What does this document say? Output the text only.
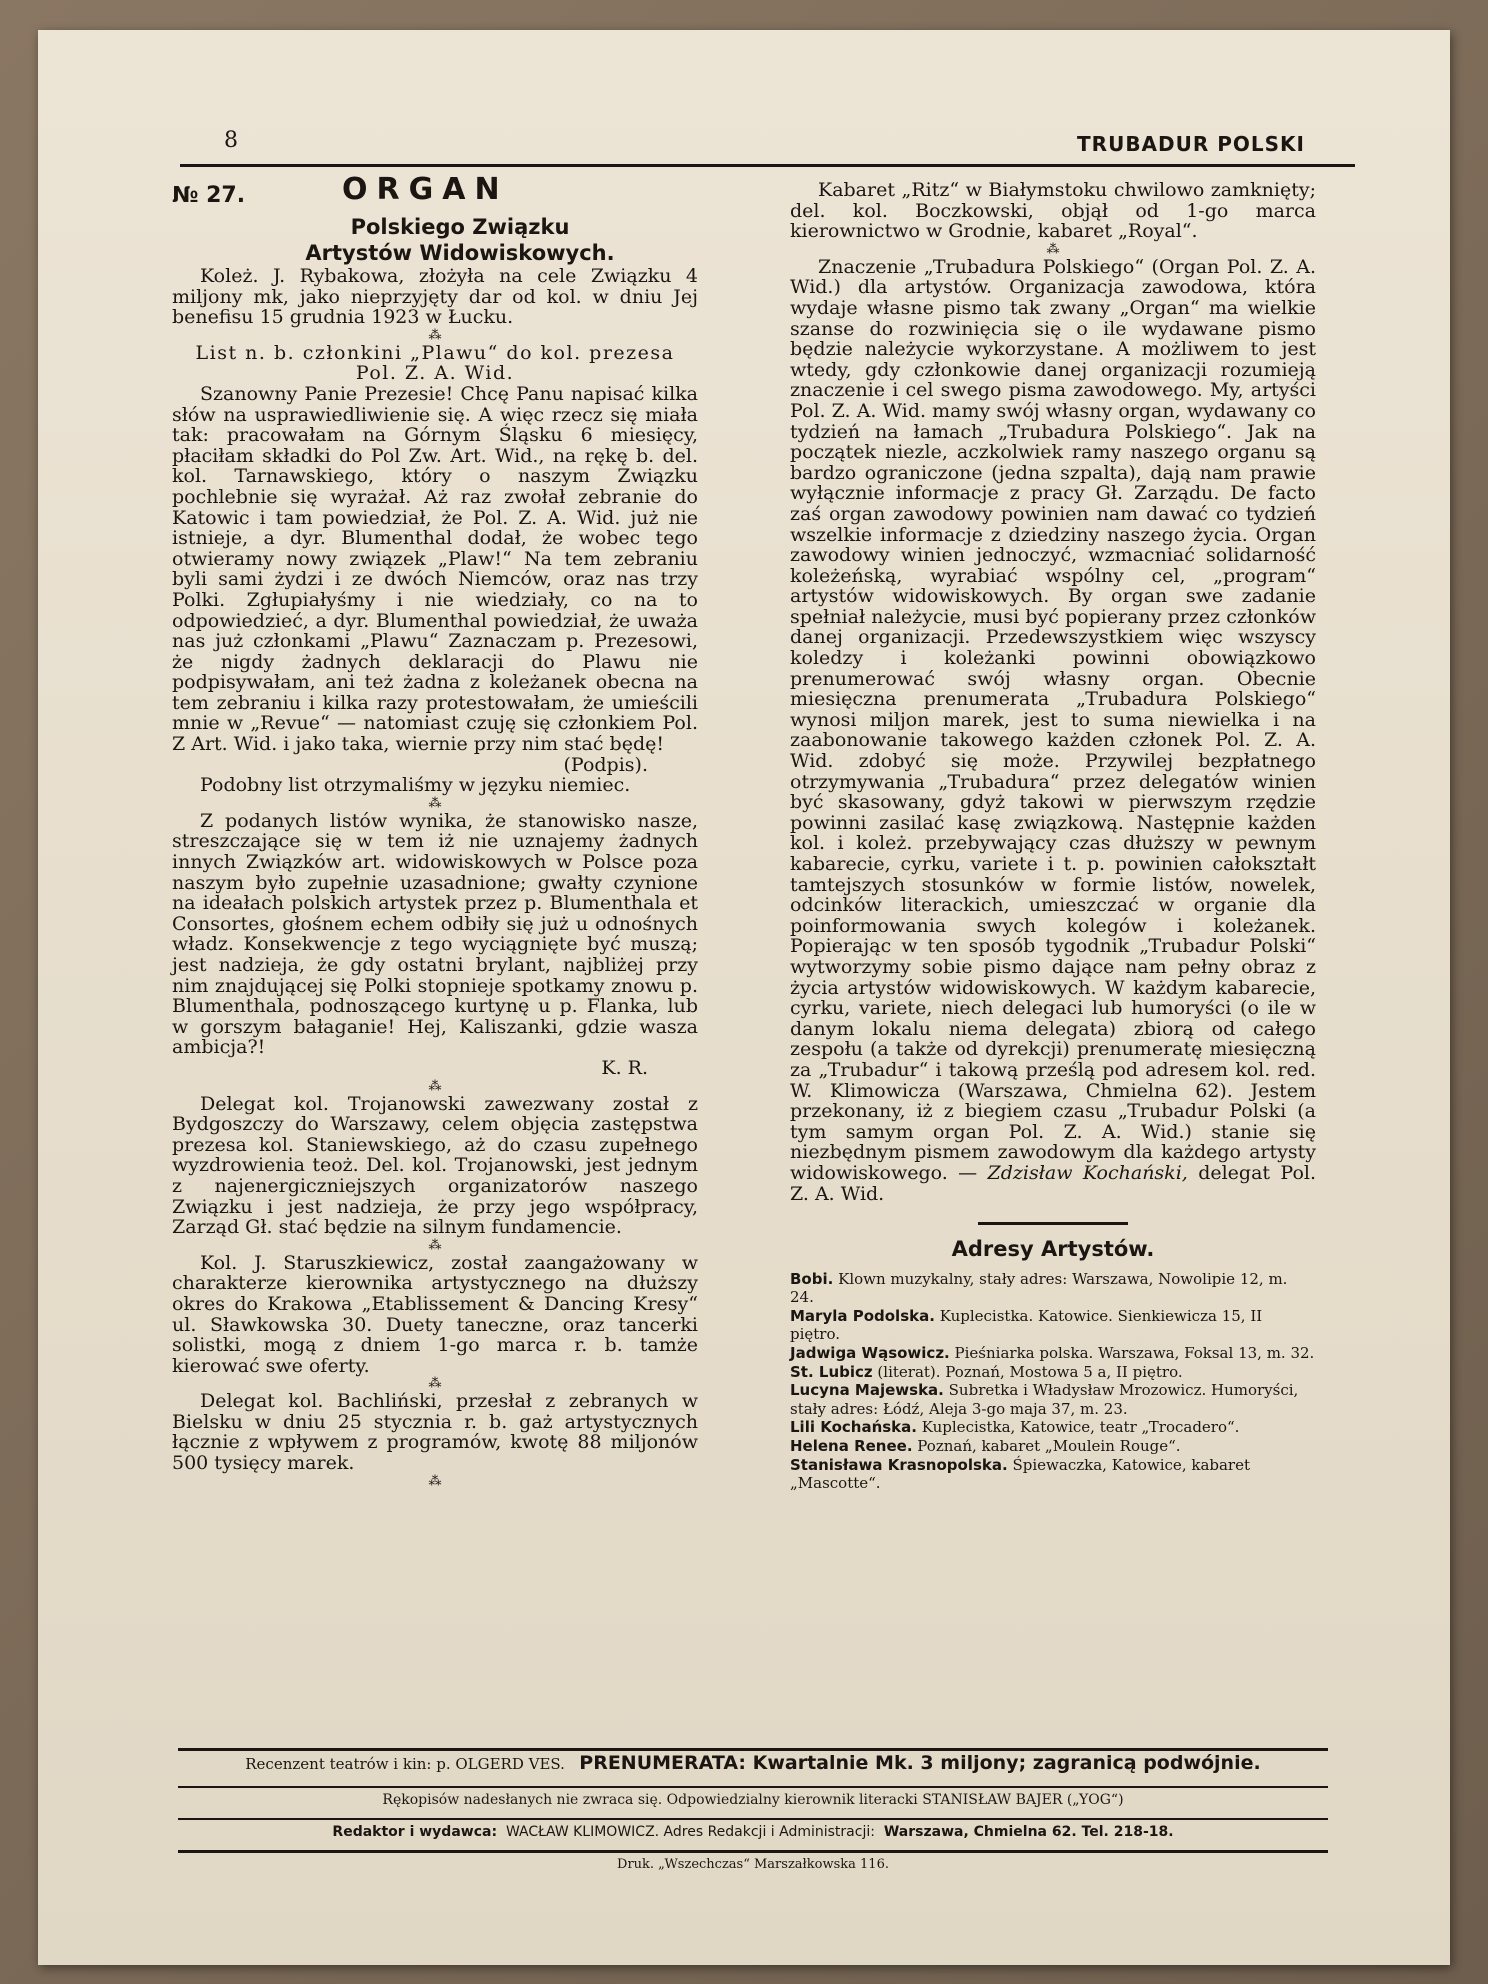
8	TRUBADUR POLSKI
№ 27.	ORGAN
Polskiego Związku
Artystów Widowiskowych.

Koleż. J. Rybakowa, złożyła na cele Związku 4 miljony mk, jako nieprzyjęty dar od kol. w dniu Jej benefisu 15 grudnia 1923 w Łucku.

⁂

List n. b. członkini „Plawu“ do kol. prezesa Pol. Z. A. Wid.

Szanowny Panie Prezesie! Chcę Panu napisać kilka słów na usprawiedliwienie się. A więc rzecz się miała tak: pracowałam na Górnym Śląsku 6 miesięcy, płaciłam składki do Pol Zw. Art. Wid., na rękę b. del. kol. Tarnawskiego, który o naszym Związku pochlebnie się wyrażał. Aż raz zwołał zebranie do Katowic i tam powiedział, że Pol. Z. A. Wid. już nie istnieje, a dyr. Blumenthal dodał, że wobec tego otwieramy nowy związek „Plaw!“ Na tem zebraniu byli sami żydzi i ze dwóch Niemców, oraz nas trzy Polki. Zgłupiałyśmy i nie wiedziały, co na to odpowiedzieć, a dyr. Blumenthal powiedział, że uważa nas już członkami „Plawu“ Zaznaczam p. Prezesowi, że nigdy żadnych deklaracji do Plawu nie podpisywałam, ani też żadna z koleżanek obecna na tem zebraniu i kilka razy protestowałam, że umieścili mnie w „Revue“ — natomiast czuję się członkiem Pol. Z Art. Wid. i jako taka, wiernie przy nim stać będę!

(Podpis).

Podobny list otrzymaliśmy w języku niemiec.

⁂

Z podanych listów wynika, że stanowisko nasze, streszczające się w tem iż nie uznajemy żadnych innych Związków art. widowiskowych w Polsce poza naszym było zupełnie uzasadnione; gwałty czynione na ideałach polskich artystek przez p. Blumenthala et Consortes, głośnem echem odbiły się już u odnośnych władz. Konsekwencje z tego wyciągnięte być muszą; jest nadzieja, że gdy ostatni brylant, najbliżej przy nim znajdującej się Polki stopnieje spotkamy znowu p. Blumenthala, podnoszącego kurtynę u p. Flanka, lub w gorszym bałaganie! Hej, Kaliszanki, gdzie wasza ambicja?!

K. R.
⁂

Delegat kol. Trojanowski zawezwany został z Bydgoszczy do Warszawy, celem objęcia zastępstwa prezesa kol. Staniewskiego, aż do czasu zupełnego wyzdrowienia teoż. Del. kol. Trojanowski, jest jednym z najenergiczniejszych organizatorów naszego Związku i jest nadzieja, że przy jego współpracy, Zarząd Gł. stać będzie na silnym fundamencie.

⁂

Kol. J. Staruszkiewicz, został zaangażowany w charakterze kierownika artystycznego na dłuższy okres do Krakowa „Etablissement & Dancing Kresy“ ul. Sławkowska 30. Duety taneczne, oraz tancerki solistki, mogą z dniem 1-go marca r. b. tamże kierować swe oferty.

⁂

Delegat kol. Bachliński, przesłał z zebranych w Bielsku w dniu 25 stycznia r. b. gaż artystycznych łącznie z wpływem z programów, kwotę 88 miljonów 500 tysięcy marek.

⁂

Kabaret „Ritz“ w Białymstoku chwilowo zamknięty; del. kol. Boczkowski, objął od 1-go marca kierownictwo w Grodnie, kabaret „Royal“.

⁂

Znaczenie „Trubadura Polskiego“ (Organ Pol. Z. A. Wid.) dla artystów. Organizacja zawodowa, która wydaje własne pismo tak zwany „Organ“ ma wielkie szanse do rozwinięcia się o ile wydawane pismo będzie należycie wykorzystane. A możliwem to jest wtedy, gdy członkowie danej organizacji rozumieją znaczenie i cel swego pisma zawodowego. My, artyści Pol. Z. A. Wid. mamy swój własny organ, wydawany co tydzień na łamach „Trubadura Polskiego“. Jak na początek niezle, aczkolwiek ramy naszego organu są bardzo ograniczone (jedna szpalta), dają nam prawie wyłącznie informacje z pracy Gł. Zarządu. De facto zaś organ zawodowy powinien nam dawać co tydzień wszelkie informacje z dziedziny naszego życia. Organ zawodowy winien jednoczyć, wzmacniać solidarność koleżeńską, wyrabiać wspólny cel, „program“ artystów widowiskowych. By organ swe zadanie spełniał należycie, musi być popierany przez członków danej organizacji. Przedewszystkiem więc wszyscy koledzy i koleżanki powinni obowiązkowo prenumerować swój własny organ. Obecnie miesięczna prenumerata „Trubadura Polskiego“ wynosi miljon marek, jest to suma niewielka i na zaabonowanie takowego każden członek Pol. Z. A. Wid. zdobyć się może. Przywilej bezpłatnego otrzymywania „Trubadura“ przez delegatów winien być skasowany, gdyż takowi w pierwszym rzędzie powinni zasilać kasę związkową. Następnie każden kol. i koleż. przebywający czas dłuższy w pewnym kabarecie, cyrku, variete i t. p. powinien całokształt tamtejszych stosunków w formie listów, nowelek, odcinków literackich, umieszczać w organie dla poinformowania swych kolegów i koleżanek. Popierając w ten sposób tygodnik „Trubadur Polski“ wytworzymy sobie pismo dające nam pełny obraz z życia artystów widowiskowych. W każdym kabarecie, cyrku, variete, niech delegaci lub humoryści (o ile w danym lokalu niema delegata) zbiorą od całego zespołu (a także od dyrekcji) prenumeratę miesięczną za „Trubadur“ i takową prześlą pod adresem kol. red. W. Klimowicza (Warszawa, Chmielna 62). Jestem przekonany, iż z biegiem czasu „Trubadur Polski (a tym samym organ Pol. Z. A. Wid.) stanie się niezbędnym pismem zawodowym dla każdego artysty widowiskowego. — Zdzisław Kochański, delegat Pol. Z. A. Wid.

Adresy Artystów.

Bobi. Klown muzykalny, stały adres: Warszawa, Nowolipie 12, m. 24.

Maryla Podolska. Kuplecistka. Katowice. Sienkiewicza 15, II piętro.

Jadwiga Wąsowicz. Pieśniarka polska. Warszawa, Foksal 13, m. 32.

St. Lubicz (literat). Poznań, Mostowa 5 a, II piętro.

Lucyna Majewska. Subretka i Władysław Mrozowicz. Humoryści, stały adres: Łódź, Aleja 3-go maja 37, m. 23.

Lili Kochańska. Kuplecistka, Katowice, teatr „Trocadero“.

Helena Renee. Poznań, kabaret „Moulein Rouge“.

Stanisława Krasnopolska. Śpiewaczka, Katowice, kabaret „Mascotte“.

Recenzent teatrów i kin: p. OLGERD VES. PRENUMERATA: Kwartalnie Mk. 3 miljony; zagranicą podwójnie.
Rękopisów nadesłanych nie zwraca się. Odpowiedzialny kierownik literacki STANISŁAW BAJER („YOG“)
Redaktor i wydawca: WACŁAW KLIMOWICZ. Adres Redakcji i Administracji: Warszawa, Chmielna 62. Tel. 218-18.
Druk. „Wszechczas“ Marszałkowska 116.
